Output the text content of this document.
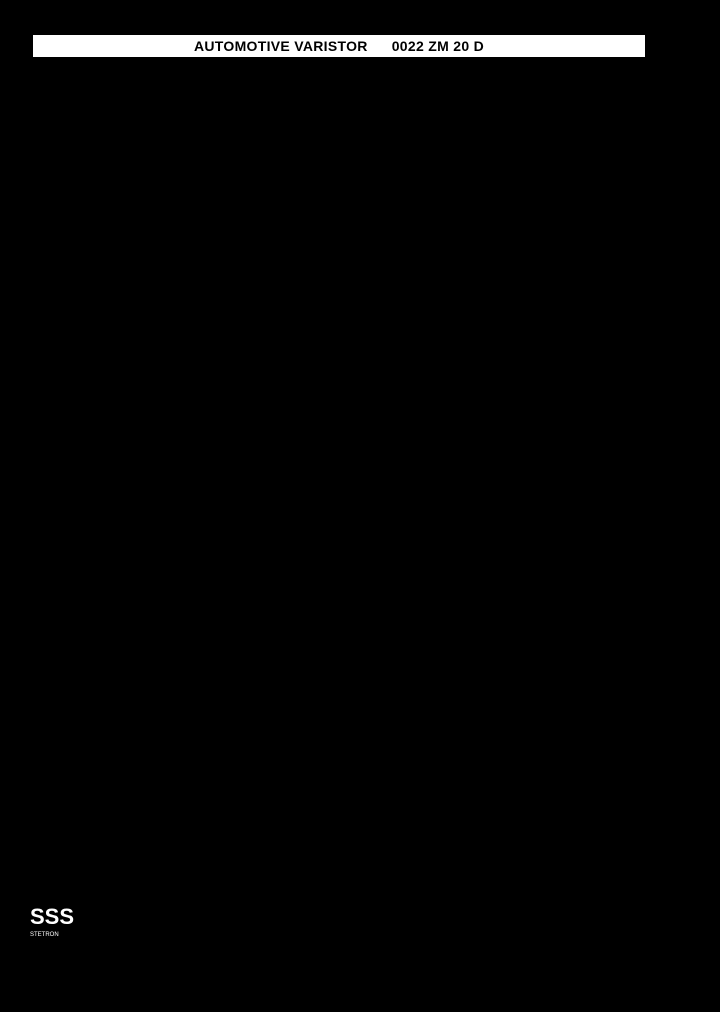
AUTOMOTIVE VARISTOR 0022 ZM 20 D
APPLICATIONS
• Solenoid Driver Circuits
• Logic Integrated Circuits with Power Transistor Buffers
• Ignition Circuit Output Transistors
• Sensor/Detection Circuit Systems
• Audio/Transceiver Circuits
• Cellular Telecommunication Circuits
• Protection From 24V Jump Start Cycle and Load Dump Transients.
ELECTRICAL CHARACTERISTICS
@ 25°C
Varistor Voltage @ dc 1mA	22V ± 10%
Max. Clamping Voltage
(Test Current Wave 8 X 20 µs)	43V AT 20A
Temperature Coefficient	0.05% / °C Max.
Typical Capacitance (1KHz)	23000pF
MAX. RATINGS
Continuous dc Voltage	16V
Non-continuous dc Voltage
(5 Min. Max. @ 25 ± 2°C)	24V
Energy
(Impulse Duration of 30 ms Decay time to one-half of Peak Current Value) 10 Times @ 30 sec. Interval @ 25 ± 2°C	100 J
Peak Pulse Current
(Surge Current Wave 8 X 20 µs) 1 Time @ 25 ± 2°C	2000 A
Operating Temperature	-40 ~ +125°C
Storage Temperature	-40 ~ +150°C
Moisture Resistance	85°C @ 85% RH for 168 hrs.
OUTLINE DIMENSIONS
0022ZM20D
27.0
22V~200
①
③
②
1	Non-Flammable Epoxy Resin, Green
2	1.0 Soldered Copper Wire
3	Date Code
V - I CHARACTERISTICS
10⁻⁶ 10⁻⁵ 10⁻⁴ 10⁻³ 10⁻² 10⁻¹ 10⁰ 10¹ 10² 10³ 10⁴
10⁰
10²
10¹
Current (A)
Voltage (V)
PULSE RATINGS
(8 x 20 µs Wave form)
10⁰	10¹	10²	10³	10⁴	10⁵	10⁶
10⁴
10³
10²
10¹
Number of Repetition (Time)
Peak Current per Pulse (Amps)
PEAK CURRENT PER PULSE VS IMPULSE WIDTH (t µs)
20	10²	10³	10⁴
10²
10¹
10⁰
10⁻¹
Impulse Width (µs)
Peak Current Rating as Percentage of Single Pulse (8 x 20 µs) Value
SSS
STETRON
Stetron International Inc.
22
8651450 0000277 T38
